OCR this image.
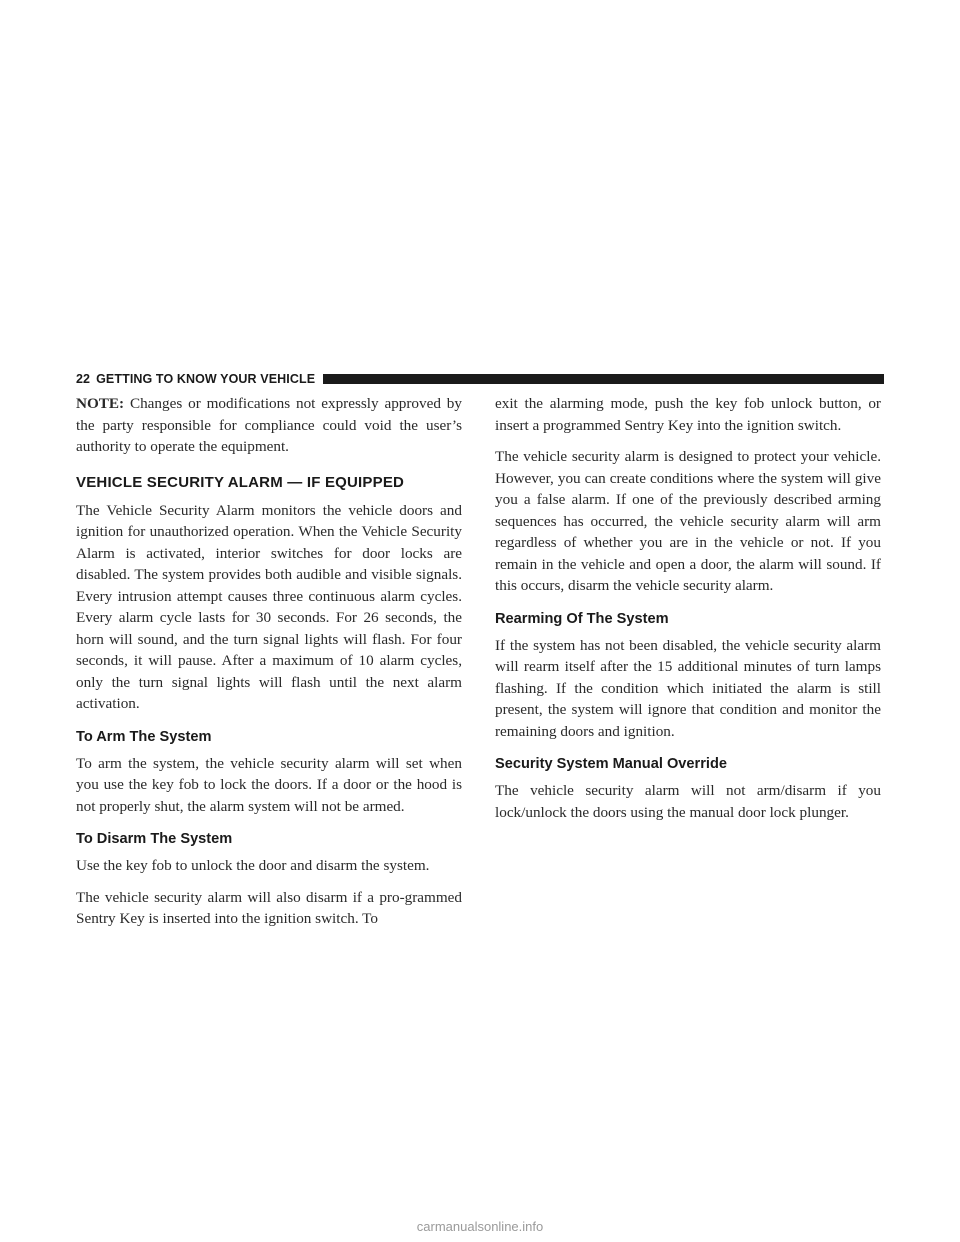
22 GETTING TO KNOW YOUR VEHICLE

NOTE: Changes or modifications not expressly approved by the party responsible for compliance could void the user’s authority to operate the equipment.

VEHICLE SECURITY ALARM — IF EQUIPPED

The Vehicle Security Alarm monitors the vehicle doors and ignition for unauthorized operation. When the Vehicle Security Alarm is activated, interior switches for door locks are disabled. The system provides both audible and visible signals. Every intrusion attempt causes three continuous alarm cycles. Every alarm cycle lasts for 30 seconds. For 26 seconds, the horn will sound, and the turn signal lights will flash. For four seconds, it will pause. After a maximum of 10 alarm cycles, only the turn signal lights will flash until the next alarm activation.

To Arm The System

To arm the system, the vehicle security alarm will set when you use the key fob to lock the doors. If a door or the hood is not properly shut, the alarm system will not be armed.

To Disarm The System

Use the key fob to unlock the door and disarm the system.

The vehicle security alarm will also disarm if a pro-grammed Sentry Key is inserted into the ignition switch. To

exit the alarming mode, push the key fob unlock button, or insert a programmed Sentry Key into the ignition switch.

The vehicle security alarm is designed to protect your vehicle. However, you can create conditions where the system will give you a false alarm. If one of the previously described arming sequences has occurred, the vehicle security alarm will arm regardless of whether you are in the vehicle or not. If you remain in the vehicle and open a door, the alarm will sound. If this occurs, disarm the vehicle security alarm.

Rearming Of The System

If the system has not been disabled, the vehicle security alarm will rearm itself after the 15 additional minutes of turn lamps flashing. If the condition which initiated the alarm is still present, the system will ignore that condition and monitor the remaining doors and ignition.

Security System Manual Override

The vehicle security alarm will not arm/disarm if you lock/unlock the doors using the manual door lock plunger.

carmanualsonline.info
